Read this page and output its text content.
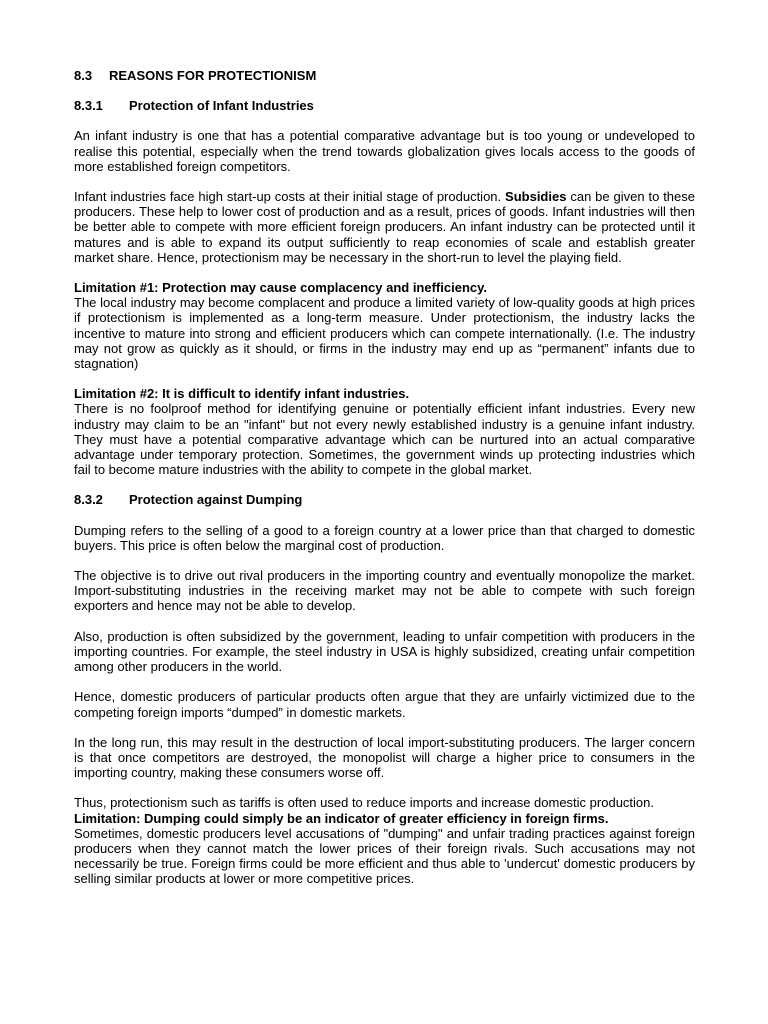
8.3 REASONS FOR PROTECTIONISM
8.3.1 Protection of Infant Industries

An infant industry is one that has a potential comparative advantage but is too young or undeveloped to realise this potential, especially when the trend towards globalization gives locals access to the goods of more established foreign competitors.

Infant industries face high start-up costs at their initial stage of production. Subsidies can be given to these producers. These help to lower cost of production and as a result, prices of goods. Infant industries will then be better able to compete with more efficient foreign producers. An infant industry can be protected until it matures and is able to expand its output sufficiently to reap economies of scale and establish greater market share. Hence, protectionism may be necessary in the short-run to level the playing field.

Limitation #1: Protection may cause complacency and inefficiency.
The local industry may become complacent and produce a limited variety of low-quality goods at high prices if protectionism is implemented as a long-term measure. Under protectionism, the industry lacks the incentive to mature into strong and efficient producers which can compete internationally. (I.e. The industry may not grow as quickly as it should, or firms in the industry may end up as “permanent” infants due to stagnation)

Limitation #2: It is difficult to identify infant industries.
There is no foolproof method for identifying genuine or potentially efficient infant industries. Every new industry may claim to be an "infant" but not every newly established industry is a genuine infant industry. They must have a potential comparative advantage which can be nurtured into an actual comparative advantage under temporary protection. Sometimes, the government winds up protecting industries which fail to become mature industries with the ability to compete in the global market.

8.3.2 Protection against Dumping

Dumping refers to the selling of a good to a foreign country at a lower price than that charged to domestic buyers. This price is often below the marginal cost of production.

The objective is to drive out rival producers in the importing country and eventually monopolize the market. Import-substituting industries in the receiving market may not be able to compete with such foreign exporters and hence may not be able to develop.

Also, production is often subsidized by the government, leading to unfair competition with producers in the importing countries. For example, the steel industry in USA is highly subsidized, creating unfair competition among other producers in the world.

Hence, domestic producers of particular products often argue that they are unfairly victimized due to the competing foreign imports “dumped” in domestic markets.

In the long run, this may result in the destruction of local import-substituting producers. The larger concern is that once competitors are destroyed, the monopolist will charge a higher price to consumers in the importing country, making these consumers worse off.

Thus, protectionism such as tariffs is often used to reduce imports and increase domestic production.

Limitation: Dumping could simply be an indicator of greater efficiency in foreign firms.
Sometimes, domestic producers level accusations of "dumping" and unfair trading practices against foreign producers when they cannot match the lower prices of their foreign rivals. Such accusations may not necessarily be true. Foreign firms could be more efficient and thus able to 'undercut' domestic producers by selling similar products at lower or more competitive prices.
